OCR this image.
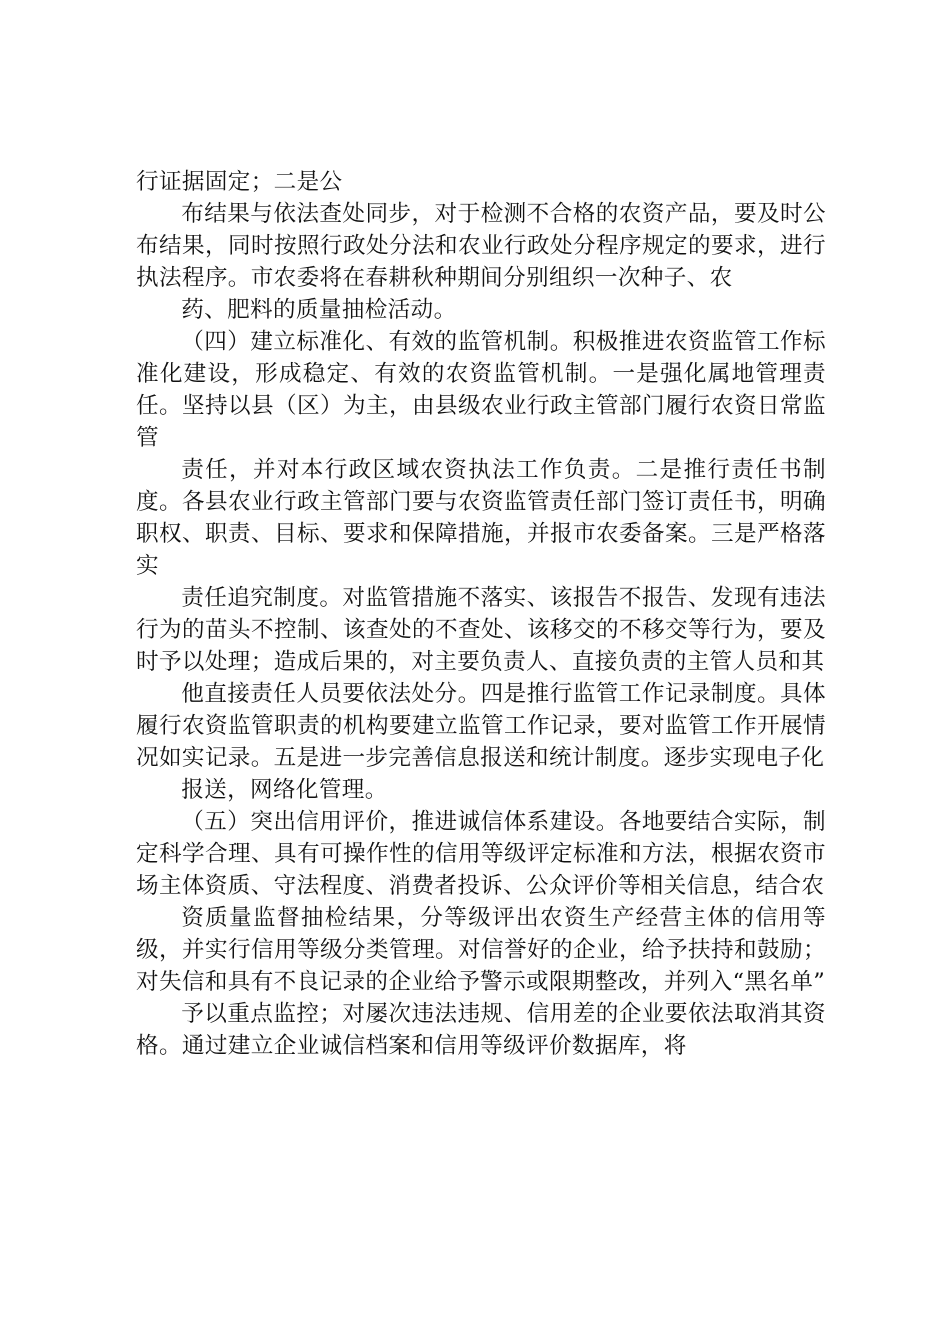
行证据固定；二是公

布结果与依法查处同步，对于检测不合格的农资产品，要及时公布结果，同时按照行政处分法和农业行政处分程序规定的要求，进行执法程序。市农委将在春耕秋种期间分别组织一次种子、农

药、肥料的质量抽检活动。

（四）建立标准化、有效的监管机制。积极推进农资监管工作标准化建设，形成稳定、有效的农资监管机制。一是强化属地管理责任。坚持以县（区）为主，由县级农业行政主管部门履行农资日常监管

责任，并对本行政区域农资执法工作负责。二是推行责任书制度。各县农业行政主管部门要与农资监管责任部门签订责任书，明确职权、职责、目标、要求和保障措施，并报市农委备案。三是严格落实

责任追究制度。对监管措施不落实、该报告不报告、发现有违法行为的苗头不控制、该查处的不查处、该移交的不移交等行为，要及时予以处理；造成后果的，对主要负责人、直接负责的主管人员和其

他直接责任人员要依法处分。四是推行监管工作记录制度。具体履行农资监管职责的机构要建立监管工作记录，要对监管工作开展情况如实记录。五是进一步完善信息报送和统计制度。逐步实现电子化

报送，网络化管理。

（五）突出信用评价，推进诚信体系建设。各地要结合实际，制定科学合理、具有可操作性的信用等级评定标准和方法，根据农资市场主体资质、守法程度、消费者投诉、公众评价等相关信息，结合农

资质量监督抽检结果，分等级评出农资生产经营主体的信用等级，并实行信用等级分类管理。对信誉好的企业，给予扶持和鼓励；对失信和具有不良记录的企业给予警示或限期整改，并列入“黑名单”

予以重点监控；对屡次违法违规、信用差的企业要依法取消其资格。通过建立企业诚信档案和信用等级评价数据库，将
